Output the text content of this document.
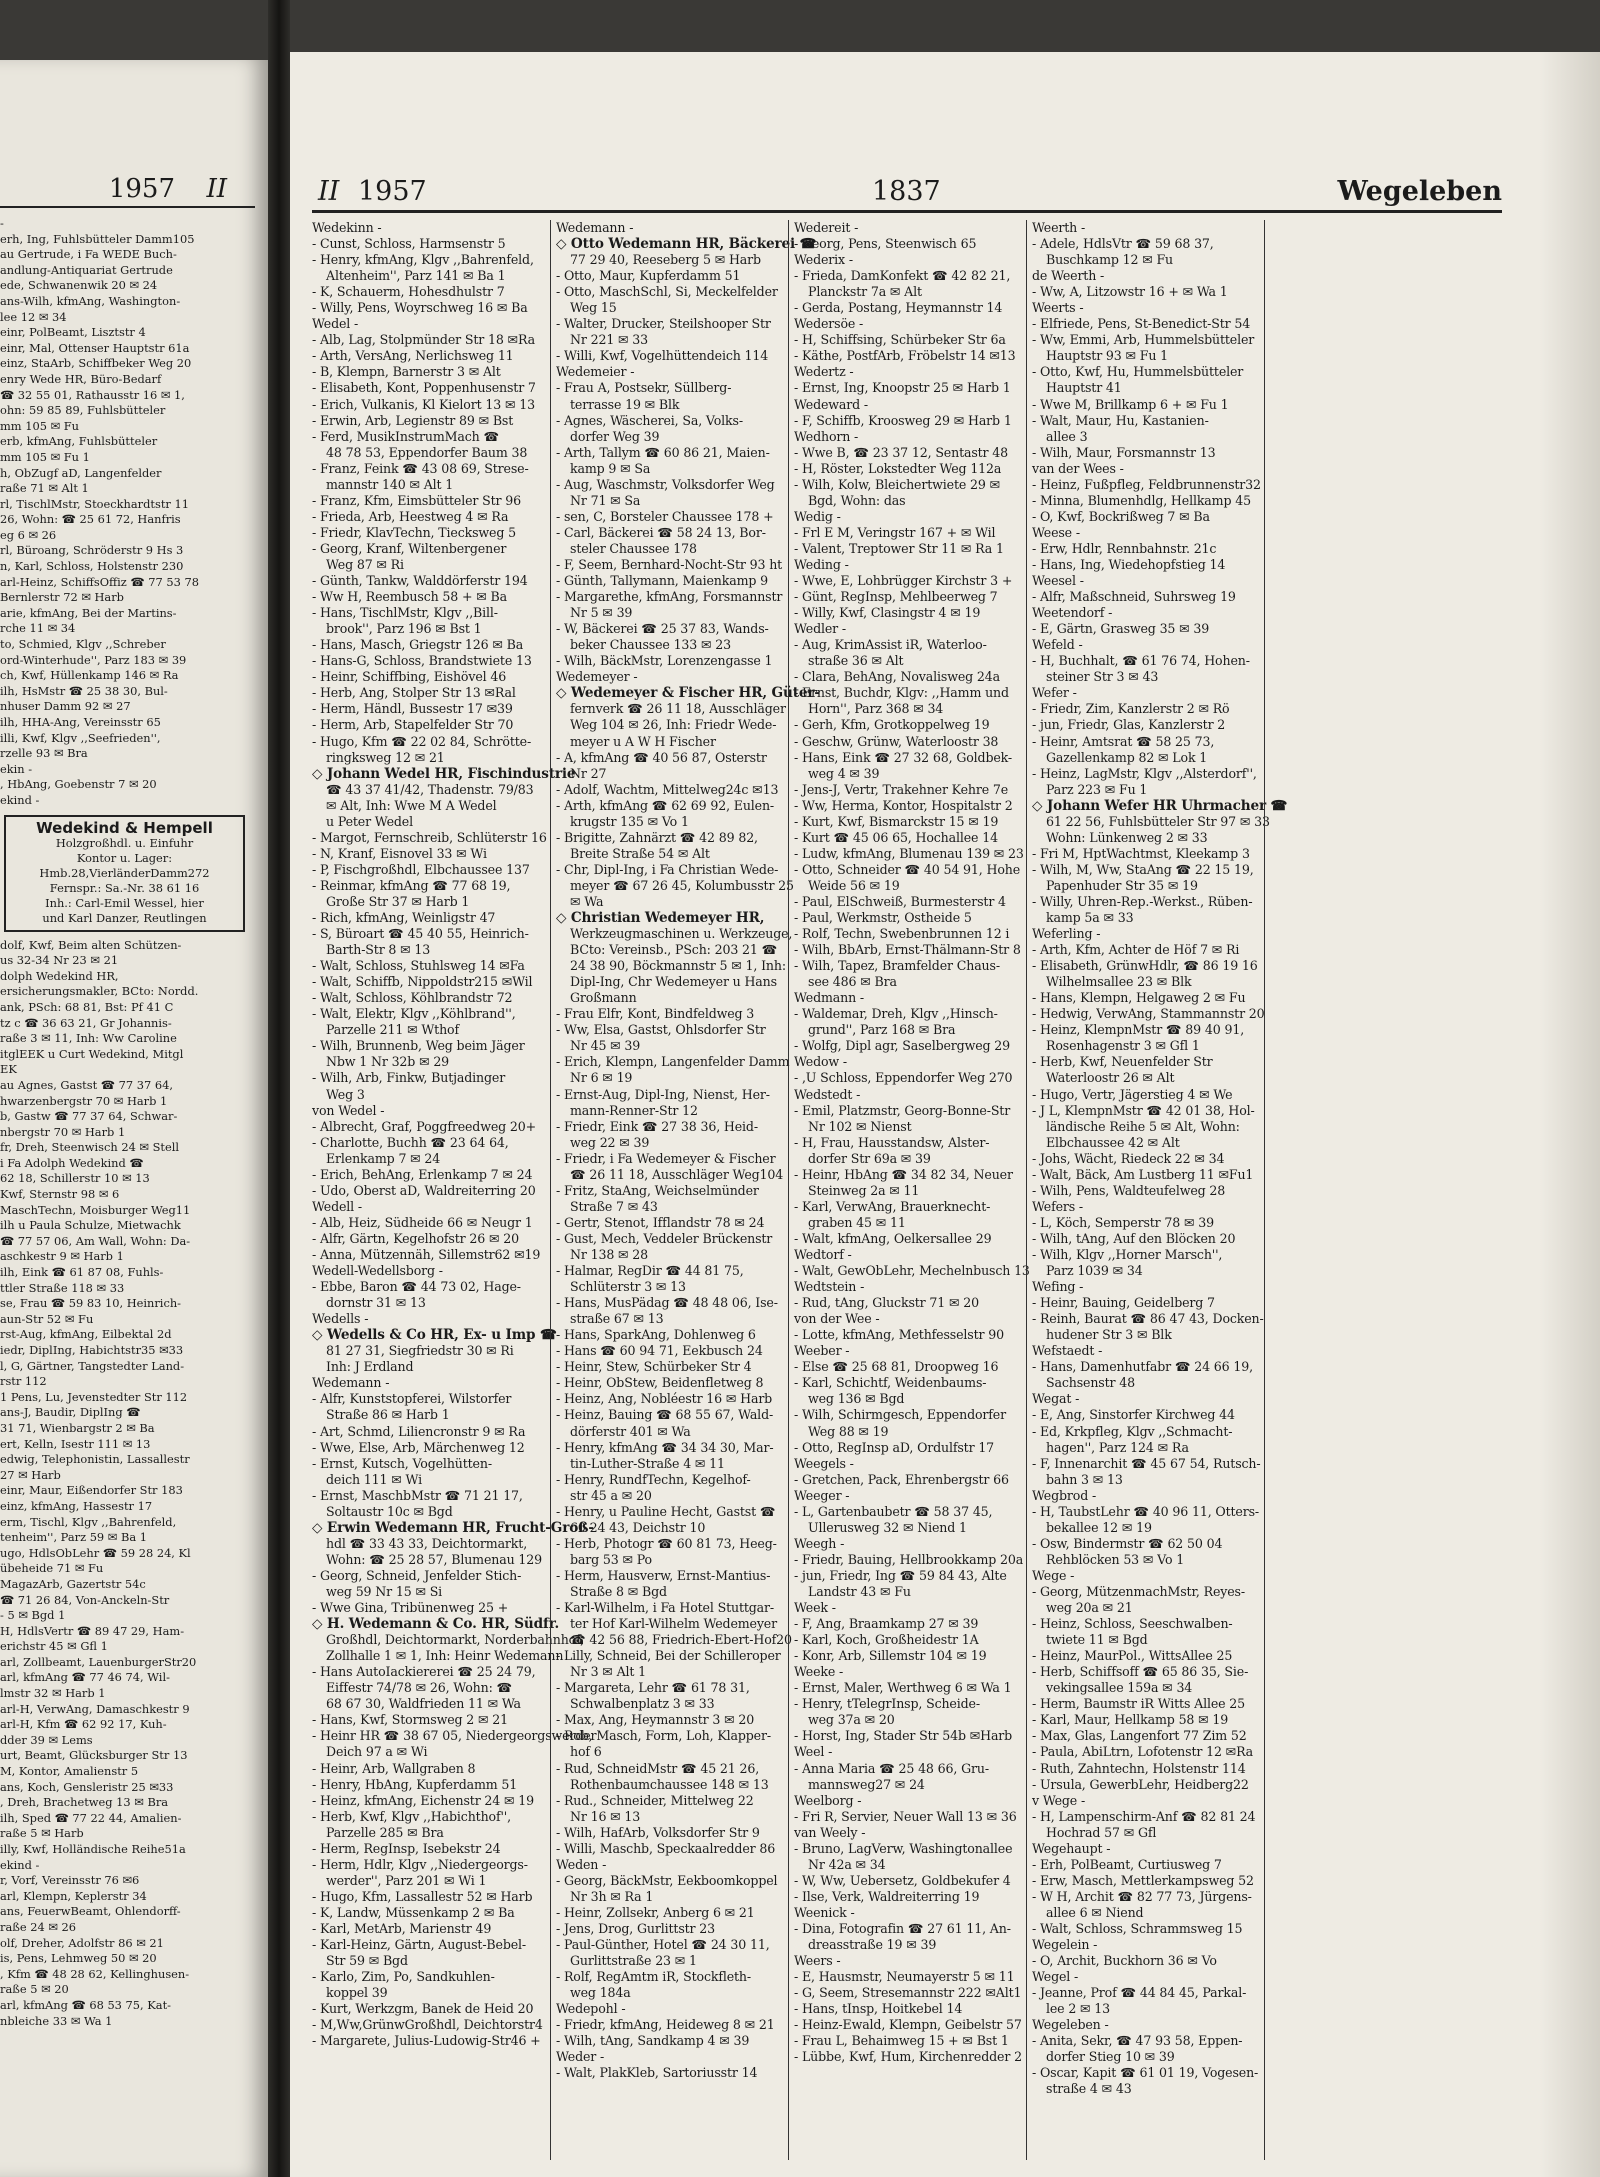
1957 II
-
erh, Ing, Fuhlsbütteler Damm105
au Gertrude, i Fa WEDE Buch-
andlung-Antiquariat Gertrude
ede, Schwanenwik 20 ✉ 24
ans-Wilh, kfmAng, Washington-
lee 12 ✉ 34
einr, PolBeamt, Lisztstr 4
einr, Mal, Ottenser Hauptstr 61a
einz, StaArb, Schiffbeker Weg 20
enry Wede HR, Büro-Bedarf
☎ 32 55 01, Rathausstr 16 ✉ 1,
ohn: 59 85 89, Fuhlsbütteler
mm 105 ✉ Fu
erb, kfmAng, Fuhlsbütteler
mm 105 ✉ Fu 1
h, ObZugf aD, Langenfelder
raße 71 ✉ Alt 1
rl, TischlMstr, Stoeckhardtstr 11
26, Wohn: ☎ 25 61 72, Hanfris
eg 6 ✉ 26
rl, Büroang, Schröderstr 9 Hs 3
n, Karl, Schloss, Holstenstr 230
arl-Heinz, SchiffsOffiz ☎ 77 53 78
Bernlerstr 72 ✉ Harb
arie, kfmAng, Bei der Martins-
rche 11 ✉ 34
to, Schmied, Klgv ,,Schreber
ord-Winterhude'', Parz 183 ✉ 39
ch, Kwf, Hüllenkamp 146 ✉ Ra
ilh, HsMstr ☎ 25 38 30, Bul-
nhuser Damm 92 ✉ 27
ilh, HHA-Ang, Vereinsstr 65
illi, Kwf, Klgv ,,Seefrieden'',
rzelle 93 ✉ Bra
ekin -
, HbAng, Goebenstr 7 ✉ 20
ekind -
Wedekind & Hempell
Holzgroßhdl. u. Einfuhr
Kontor u. Lager:
Hmb.28,VierländerDamm272
Fernspr.: Sa.-Nr. 38 61 16
Inh.: Carl-Emil Wessel, hier
und Karl Danzer, Reutlingen
dolf, Kwf, Beim alten Schützen-
us 32-34 Nr 23 ✉ 21
dolph Wedekind HR,
ersicherungsmakler, BCto: Nordd.
ank, PSch: 68 81, Bst: Pf 41 C
tz c ☎ 36 63 21, Gr Johannis-
raße 3 ✉ 11, Inh: Ww Caroline
itglEEK u Curt Wedekind, Mitgl
EK
au Agnes, Gastst ☎ 77 37 64,
hwarzenbergstr 70 ✉ Harb 1
b, Gastw ☎ 77 37 64, Schwar-
nbergstr 70 ✉ Harb 1
fr, Dreh, Steenwisch 24 ✉ Stell
i Fa Adolph Wedekind ☎
62 18, Schillerstr 10 ✉ 13
Kwf, Sternstr 98 ✉ 6
MaschTechn, Moisburger Weg11
ilh u Paula Schulze, Mietwachk
☎ 77 57 06, Am Wall, Wohn: Da-
aschkestr 9 ✉ Harb 1
ilh, Eink ☎ 61 87 08, Fuhls-
ttler Straße 118 ✉ 33
se, Frau ☎ 59 83 10, Heinrich-
aun-Str 52 ✉ Fu
rst-Aug, kfmAng, Eilbektal 2d
iedr, DiplIng, Habichtstr35 ✉33
l, G, Gärtner, Tangstedter Land-
rstr 112
1 Pens, Lu, Jevenstedter Str 112
ans-J, Baudir, DiplIng ☎
31 71, Wienbargstr 2 ✉ Ba
ert, Kelln, Isestr 111 ✉ 13
edwig, Telephonistin, Lassallestr
27 ✉ Harb
einr, Maur, Eißendorfer Str 183
einz, kfmAng, Hassestr 17
erm, Tischl, Klgv ,,Bahrenfeld,
tenheim'', Parz 59 ✉ Ba 1
ugo, HdlsObLehr ☎ 59 28 24, Kl
übeheide 71 ✉ Fu
MagazArb, Gazertstr 54c
☎ 71 26 84, Von-Anckeln-Str
- 5 ✉ Bgd 1
H, HdlsVertr ☎ 89 47 29, Ham-
erichstr 45 ✉ Gfl 1
arl, Zollbeamt, LauenburgerStr20
arl, kfmAng ☎ 77 46 74, Wil-
lmstr 32 ✉ Harb 1
arl-H, VerwAng, Damaschkestr 9
arl-H, Kfm ☎ 62 92 17, Kuh-
dder 39 ✉ Lems
urt, Beamt, Glücksburger Str 13
M, Kontor, Amalienstr 5
ans, Koch, Gensleristr 25 ✉33
, Dreh, Brachetweg 13 ✉ Bra
ilh, Sped ☎ 77 22 44, Amalien-
raße 5 ✉ Harb
illy, Kwf, Holländische Reihe51a
ekind -
r, Vorf, Vereinsstr 76 ✉6
arl, Klempn, Keplerstr 34
ans, FeuerwBeamt, Ohlendorff-
raße 24 ✉ 26
olf, Dreher, Adolfstr 86 ✉ 21
is, Pens, Lehmweg 50 ✉ 20
, Kfm ☎ 48 28 62, Kellinghusen-
raße 5 ✉ 20
arl, kfmAng ☎ 68 53 75, Kat-
nbleiche 33 ✉ Wa 1
II 1957	1837	Wegeleben
Wedekinn -
- Cunst, Schloss, Harmsenstr 5
- Henry, kfmAng, Klgv ,,Bahrenfeld,
Altenheim'', Parz 141 ✉ Ba 1
- K, Schauerm, Hohesdhulstr 7
- Willy, Pens, Woyrschweg 16 ✉ Ba
Wedel -
- Alb, Lag, Stolpmünder Str 18 ✉Ra
- Arth, VersAng, Nerlichsweg 11
- B, Klempn, Barnerstr 3 ✉ Alt
- Elisabeth, Kont, Poppenhusenstr 7
- Erich, Vulkanis, Kl Kielort 13 ✉ 13
- Erwin, Arb, Legienstr 89 ✉ Bst
- Ferd, MusikInstrumMach ☎
48 78 53, Eppendorfer Baum 38
- Franz, Feink ☎ 43 08 69, Strese-
mannstr 140 ✉ Alt 1
- Franz, Kfm, Eimsbütteler Str 96
- Frieda, Arb, Heestweg 4 ✉ Ra
- Friedr, KlavTechn, Tiecksweg 5
- Georg, Kranf, Wiltenbergener
Weg 87 ✉ Ri
- Günth, Tankw, Walddörferstr 194
- Ww H, Reembusch 58 + ✉ Ba
- Hans, TischlMstr, Klgv ,,Bill-
brook'', Parz 196 ✉ Bst 1
- Hans, Masch, Griegstr 126 ✉ Ba
- Hans-G, Schloss, Brandstwiete 13
- Heinr, Schiffbing, Eishövel 46
- Herb, Ang, Stolper Str 13 ✉Ral
- Herm, Händl, Bussestr 17 ✉39
- Herm, Arb, Stapelfelder Str 70
- Hugo, Kfm ☎ 22 02 84, Schrötte-
ringksweg 12 ✉ 21
◇ Johann Wedel HR, Fischindustrie
☎ 43 37 41/42, Thadenstr. 79/83
✉ Alt, Inh: Wwe M A Wedel
u Peter Wedel
- Margot, Fernschreib, Schlüterstr 16
- N, Kranf, Eisnovel 33 ✉ Wi
- P, Fischgroßhdl, Elbchaussee 137
- Reinmar, kfmAng ☎ 77 68 19,
Große Str 37 ✉ Harb 1
- Rich, kfmAng, Weinligstr 47
- S, Büroart ☎ 45 40 55, Heinrich-
Barth-Str 8 ✉ 13
- Walt, Schloss, Stuhlsweg 14 ✉Fa
- Walt, Schiffb, Nippoldstr215 ✉Wil
- Walt, Schloss, Köhlbrandstr 72
- Walt, Elektr, Klgv ,,Köhlbrand'',
Parzelle 211 ✉ Wthof
- Wilh, Brunnenb, Weg beim Jäger
Nbw 1 Nr 32b ✉ 29
- Wilh, Arb, Finkw, Butjadinger
Weg 3
von Wedel -
- Albrecht, Graf, Poggfreedweg 20+
- Charlotte, Buchh ☎ 23 64 64,
Erlenkamp 7 ✉ 24
- Erich, BehAng, Erlenkamp 7 ✉ 24
- Udo, Oberst aD, Waldreiterring 20
Wedell -
- Alb, Heiz, Südheide 66 ✉ Neugr 1
- Alfr, Gärtn, Kegelhofstr 26 ✉ 20
- Anna, Mützennäh, Sillemstr62 ✉19
Wedell-Wedellsborg -
- Ebbe, Baron ☎ 44 73 02, Hage-
dornstr 31 ✉ 13
Wedells -
◇ Wedells & Co HR, Ex- u Imp ☎
81 27 31, Siegfriedstr 30 ✉ Ri
Inh: J Erdland
Wedemann -
- Alfr, Kunststopferei, Wilstorfer
Straße 86 ✉ Harb 1
- Art, Schmd, Liliencronstr 9 ✉ Ra
- Wwe, Else, Arb, Märchenweg 12
- Ernst, Kutsch, Vogelhütten-
deich 111 ✉ Wi
- Ernst, MaschbMstr ☎ 71 21 17,
Soltaustr 10c ✉ Bgd
◇ Erwin Wedemann HR, Frucht-Groß-
hdl ☎ 33 43 33, Deichtormarkt,
Wohn: ☎ 25 28 57, Blumenau 129
- Georg, Schneid, Jenfelder Stich-
weg 59 Nr 15 ✉ Si
- Wwe Gina, Tribünenweg 25 +
◇ H. Wedemann & Co. HR, Südfr.
Großhdl, Deichtormarkt, Norderbahnhof,
Zollhalle 1 ✉ 1, Inh: Heinr Wedemann
- Hans AutoIackiererei ☎ 25 24 79,
Eiffestr 74/78 ✉ 26, Wohn: ☎
68 67 30, Waldfrieden 11 ✉ Wa
- Hans, Kwf, Stormsweg 2 ✉ 21
- Heinr HR ☎ 38 67 05, Niedergeorgswerder
Deich 97 a ✉ Wi
- Heinr, Arb, Wallgraben 8
- Henry, HbAng, Kupferdamm 51
- Heinz, kfmAng, Eichenstr 24 ✉ 19
- Herb, Kwf, Klgv ,,Habichthof'',
Parzelle 285 ✉ Bra
- Herm, RegInsp, Isebekstr 24
- Herm, Hdlr, Klgv ,,Niedergeorgs-
werder'', Parz 201 ✉ Wi 1
- Hugo, Kfm, Lassallestr 52 ✉ Harb
- K, Landw, Müssenkamp 2 ✉ Ba
- Karl, MetArb, Marienstr 49
- Karl-Heinz, Gärtn, August-Bebel-
Str 59 ✉ Bgd
- Karlo, Zim, Po, Sandkuhlen-
koppel 39
- Kurt, Werkzgm, Banek de Heid 20
- M,Ww,GrünwGroßhdl, Deichtorstr4
- Margarete, Julius-Ludowig-Str46 +
Wedemann -
◇ Otto Wedemann HR, Bäckerei ☎
77 29 40, Reeseberg 5 ✉ Harb
- Otto, Maur, Kupferdamm 51
- Otto, MaschSchl, Si, Meckelfelder
Weg 15
- Walter, Drucker, Steilshooper Str
Nr 221 ✉ 33
- Willi, Kwf, Vogelhüttendeich 114
Wedemeier -
- Frau A, Postsekr, Süllberg-
terrasse 19 ✉ Blk
- Agnes, Wäscherei, Sa, Volks-
dorfer Weg 39
- Arth, Tallym ☎ 60 86 21, Maien-
kamp 9 ✉ Sa
- Aug, Waschmstr, Volksdorfer Weg
Nr 71 ✉ Sa
- sen, C, Borsteler Chaussee 178 +
- Carl, Bäckerei ☎ 58 24 13, Bor-
steler Chaussee 178
- F, Seem, Bernhard-Nocht-Str 93 ht
- Günth, Tallymann, Maienkamp 9
- Margarethe, kfmAng, Forsmannstr
Nr 5 ✉ 39
- W, Bäckerei ☎ 25 37 83, Wands-
beker Chaussee 133 ✉ 23
- Wilh, BäckMstr, Lorenzengasse 1
Wedemeyer -
◇ Wedemeyer & Fischer HR, Güter-
fernverk ☎ 26 11 18, Ausschläger
Weg 104 ✉ 26, Inh: Friedr Wede-
meyer u A W H Fischer
- A, kfmAng ☎ 40 56 87, Osterstr
Nr 27
- Adolf, Wachtm, Mittelweg24c ✉13
- Arth, kfmAng ☎ 62 69 92, Eulen-
krugstr 135 ✉ Vo 1
- Brigitte, Zahnärzt ☎ 42 89 82,
Breite Straße 54 ✉ Alt
- Chr, Dipl-Ing, i Fa Christian Wede-
meyer ☎ 67 26 45, Kolumbusstr 25
✉ Wa
◇ Christian Wedemeyer HR,
Werkzeugmaschinen u. Werkzeuge,
BCto: Vereinsb., PSch: 203 21 ☎
24 38 90, Böckmannstr 5 ✉ 1, Inh:
Dipl-Ing, Chr Wedemeyer u Hans
Großmann
- Frau Elfr, Kont, Bindfeldweg 3
- Ww, Elsa, Gastst, Ohlsdorfer Str
Nr 45 ✉ 39
- Erich, Klempn, Langenfelder Damm
Nr 6 ✉ 19
- Ernst-Aug, Dipl-Ing, Nienst, Her-
mann-Renner-Str 12
- Friedr, Eink ☎ 27 38 36, Heid-
weg 22 ✉ 39
- Friedr, i Fa Wedemeyer & Fischer
☎ 26 11 18, Ausschläger Weg104
- Fritz, StaAng, Weichselmünder
Straße 7 ✉ 43
- Gertr, Stenot, Ifflandstr 78 ✉ 24
- Gust, Mech, Veddeler Brückenstr
Nr 138 ✉ 28
- Halmar, RegDir ☎ 44 81 75,
Schlüterstr 3 ✉ 13
- Hans, MusPädag ☎ 48 48 06, Ise-
straße 67 ✉ 13
- Hans, SparkAng, Dohlenweg 6
- Hans ☎ 60 94 71, Eekbusch 24
- Heinr, Stew, Schürbeker Str 4
- Heinr, ObStew, Beidenfletweg 8
- Heinz, Ang, Nobléestr 16 ✉ Harb
- Heinz, Bauing ☎ 68 55 67, Wald-
dörferstr 401 ✉ Wa
- Henry, kfmAng ☎ 34 34 30, Mar-
tin-Luther-Straße 4 ✉ 11
- Henry, RundfTechn, Kegelhof-
str 45 a ✉ 20
- Henry, u Pauline Hecht, Gastst ☎
60 24 43, Deichstr 10
- Herb, Photogr ☎ 60 81 73, Heeg-
barg 53 ✉ Po
- Herm, Hausverw, Ernst-Mantius-
Straße 8 ✉ Bgd
- Karl-Wilhelm, i Fa Hotel Stuttgar-
ter Hof Karl-Wilhelm Wedemeyer
☎ 42 56 88, Friedrich-Ebert-Hof20
- Lilly, Schneid, Bei der Schilleroper
Nr 3 ✉ Alt 1
- Margareta, Lehr ☎ 61 78 31,
Schwalbenplatz 3 ✉ 33
- Max, Ang, Heymannstr 3 ✉ 20
- Rob, Masch, Form, Loh, Klapper-
hof 6
- Rud, SchneidMstr ☎ 45 21 26,
Rothenbaumchaussee 148 ✉ 13
- Rud., Schneider, Mittelweg 22
Nr 16 ✉ 13
- Wilh, HafArb, Volksdorfer Str 9
- Willi, Maschb, Speckaalredder 86
Weden -
- Georg, BäckMstr, Eekboomkoppel
Nr 3h ✉ Ra 1
- Heinr, Zollsekr, Anberg 6 ✉ 21
- Jens, Drog, Gurlittstr 23
- Paul-Günther, Hotel ☎ 24 30 11,
Gurlittstraße 23 ✉ 1
- Rolf, RegAmtm iR, Stockfleth-
weg 184a
Wedepohl -
- Friedr, kfmAng, Heideweg 8 ✉ 21
- Wilh, tAng, Sandkamp 4 ✉ 39
Weder -
- Walt, PlakKleb, Sartoriusstr 14
Wedereit -
- Georg, Pens, Steenwisch 65
Wederix -
- Frieda, DamKonfekt ☎ 42 82 21,
Planckstr 7a ✉ Alt
- Gerda, Postang, Heymannstr 14
Wedersöe -
- H, Schiffsing, Schürbeker Str 6a
- Käthe, PostfArb, Fröbelstr 14 ✉13
Wedertz -
- Ernst, Ing, Knoopstr 25 ✉ Harb 1
Wedeward -
- F, Schiffb, Kroosweg 29 ✉ Harb 1
Wedhorn -
- Wwe B, ☎ 23 37 12, Sentastr 48
- H, Röster, Lokstedter Weg 112a
- Wilh, Kolw, Bleichertwiete 29 ✉
Bgd, Wohn: das
Wedig -
- Frl E M, Veringstr 167 + ✉ Wil
- Valent, Treptower Str 11 ✉ Ra 1
Weding -
- Wwe, E, Lohbrügger Kirchstr 3 +
- Günt, RegInsp, Mehlbeerweg 7
- Willy, Kwf, Clasingstr 4 ✉ 19
Wedler -
- Aug, KrimAssist iR, Waterloo-
straße 36 ✉ Alt
- Clara, BehAng, Novalisweg 24a
- Ernst, Buchdr, Klgv: ,,Hamm und
Horn'', Parz 368 ✉ 34
- Gerh, Kfm, Grotkoppelweg 19
- Geschw, Grünw, Waterloostr 38
- Hans, Eink ☎ 27 32 68, Goldbek-
weg 4 ✉ 39
- Jens-J, Vertr, Trakehner Kehre 7e
- Ww, Herma, Kontor, Hospitalstr 2
- Kurt, Kwf, Bismarckstr 15 ✉ 19
- Kurt ☎ 45 06 65, Hochallee 14
- Ludw, kfmAng, Blumenau 139 ✉ 23
- Otto, Schneider ☎ 40 54 91, Hohe
Weide 56 ✉ 19
- Paul, ElSchweiß, Burmesterstr 4
- Paul, Werkmstr, Ostheide 5
- Rolf, Techn, Swebenbrunnen 12 i
- Wilh, BbArb, Ernst-Thälmann-Str 8
- Wilh, Tapez, Bramfelder Chaus-
see 486 ✉ Bra
Wedmann -
- Waldemar, Dreh, Klgv ,,Hinsch-
grund'', Parz 168 ✉ Bra
- Wolfg, Dipl agr, Saselbergweg 29
Wedow -
- ,U Schloss, Eppendorfer Weg 270
Wedstedt -
- Emil, Platzmstr, Georg-Bonne-Str
Nr 102 ✉ Nienst
- H, Frau, Hausstandsw, Alster-
dorfer Str 69a ✉ 39
- Heinr, HbAng ☎ 34 82 34, Neuer
Steinweg 2a ✉ 11
- Karl, VerwAng, Brauerknecht-
graben 45 ✉ 11
- Walt, kfmAng, Oelkersallee 29
Wedtorf -
- Walt, GewObLehr, Mechelnbusch 13
Wedtstein -
- Rud, tAng, Gluckstr 71 ✉ 20
von der Wee -
- Lotte, kfmAng, Methfesselstr 90
Weeber -
- Else ☎ 25 68 81, Droopweg 16
- Karl, Schichtf, Weidenbaums-
weg 136 ✉ Bgd
- Wilh, Schirmgesch, Eppendorfer
Weg 88 ✉ 19
- Otto, RegInsp aD, Ordulfstr 17
Weegels -
- Gretchen, Pack, Ehrenbergstr 66
Weeger -
- L, Gartenbaubetr ☎ 58 37 45,
Ullerusweg 32 ✉ Niend 1
Weegh -
- Friedr, Bauing, Hellbrookkamp 20a
- jun, Friedr, Ing ☎ 59 84 43, Alte
Landstr 43 ✉ Fu
Week -
- F, Ang, Braamkamp 27 ✉ 39
- Karl, Koch, Großheidestr 1A
- Konr, Arb, Sillemstr 104 ✉ 19
Weeke -
- Ernst, Maler, Werthweg 6 ✉ Wa 1
- Henry, tTelegrInsp, Scheide-
weg 37a ✉ 20
- Horst, Ing, Stader Str 54b ✉Harb
Weel -
- Anna Maria ☎ 25 48 66, Gru-
mannsweg27 ✉ 24
Weelborg -
- Fri R, Servier, Neuer Wall 13 ✉ 36
van Weely -
- Bruno, LagVerw, Washingtonallee
Nr 42a ✉ 34
- W, Ww, Uebersetz, Goldbekufer 4
- Ilse, Verk, Waldreiterring 19
Weenick -
- Dina, Fotografin ☎ 27 61 11, An-
dreasstraße 19 ✉ 39
Weers -
- E, Hausmstr, Neumayerstr 5 ✉ 11
- G, Seem, Stresemannstr 222 ✉Alt1
- Hans, tInsp, Hoitkebel 14
- Heinz-Ewald, Klempn, Geibelstr 57
- Frau L, Behaimweg 15 + ✉ Bst 1
- Lübbe, Kwf, Hum, Kirchenredder 2
Weerth -
- Adele, HdlsVtr ☎ 59 68 37,
Buschkamp 12 ✉ Fu
de Weerth -
- Ww, A, Litzowstr 16 + ✉ Wa 1
Weerts -
- Elfriede, Pens, St-Benedict-Str 54
- Ww, Emmi, Arb, Hummelsbütteler
Hauptstr 93 ✉ Fu 1
- Otto, Kwf, Hu, Hummelsbütteler
Hauptstr 41
- Wwe M, Brillkamp 6 + ✉ Fu 1
- Walt, Maur, Hu, Kastanien-
allee 3
- Wilh, Maur, Forsmannstr 13
van der Wees -
- Heinz, Fußpfleg, Feldbrunnenstr32
- Minna, Blumenhdlg, Hellkamp 45
- O, Kwf, Bockrißweg 7 ✉ Ba
Weese -
- Erw, Hdlr, Rennbahnstr. 21c
- Hans, Ing, Wiedehopfstieg 14
Weesel -
- Alfr, Maßschneid, Suhrsweg 19
Weetendorf -
- E, Gärtn, Grasweg 35 ✉ 39
Wefeld -
- H, Buchhalt, ☎ 61 76 74, Hohen-
steiner Str 3 ✉ 43
Wefer -
- Friedr, Zim, Kanzlerstr 2 ✉ Rö
- jun, Friedr, Glas, Kanzlerstr 2
- Heinr, Amtsrat ☎ 58 25 73,
Gazellenkamp 82 ✉ Lok 1
- Heinz, LagMstr, Klgv ,,Alsterdorf'',
Parz 223 ✉ Fu 1
◇ Johann Wefer HR Uhrmacher ☎
61 22 56, Fuhlsbütteler Str 97 ✉ 33
Wohn: Lünkenweg 2 ✉ 33
- Fri M, HptWachtmst, Kleekamp 3
- Wilh, M, Ww, StaAng ☎ 22 15 19,
Papenhuder Str 35 ✉ 19
- Willy, Uhren-Rep.-Werkst., Rüben-
kamp 5a ✉ 33
Weferling -
- Arth, Kfm, Achter de Höf 7 ✉ Ri
- Elisabeth, GrünwHdlr, ☎ 86 19 16
Wilhelmsallee 23 ✉ Blk
- Hans, Klempn, Helgaweg 2 ✉ Fu
- Hedwig, VerwAng, Stammannstr 20
- Heinz, KlempnMstr ☎ 89 40 91,
Rosenhagenstr 3 ✉ Gfl 1
- Herb, Kwf, Neuenfelder Str
Waterloostr 26 ✉ Alt
- Hugo, Vertr, Jägerstieg 4 ✉ We
- J L, KlempnMstr ☎ 42 01 38, Hol-
ländische Reihe 5 ✉ Alt, Wohn:
Elbchaussee 42 ✉ Alt
- Johs, Wächt, Riedeck 22 ✉ 34
- Walt, Bäck, Am Lustberg 11 ✉Fu1
- Wilh, Pens, Waldteufelweg 28
Wefers -
- L, Köch, Semperstr 78 ✉ 39
- Wilh, tAng, Auf den Blöcken 20
- Wilh, Klgv ,,Horner Marsch'',
Parz 1039 ✉ 34
Wefing -
- Heinr, Bauing, Geidelberg 7
- Reinh, Baurat ☎ 86 47 43, Docken-
hudener Str 3 ✉ Blk
Wefstaedt -
- Hans, Damenhutfabr ☎ 24 66 19,
Sachsenstr 48
Wegat -
- E, Ang, Sinstorfer Kirchweg 44
- Ed, Krkpfleg, Klgv ,,Schmacht-
hagen'', Parz 124 ✉ Ra
- F, Innenarchit ☎ 45 67 54, Rutsch-
bahn 3 ✉ 13
Wegbrod -
- H, TaubstLehr ☎ 40 96 11, Otters-
bekallee 12 ✉ 19
- Osw, Bindermstr ☎ 62 50 04
Rehblöcken 53 ✉ Vo 1
Wege -
- Georg, MützenmachMstr, Reyes-
weg 20a ✉ 21
- Heinz, Schloss, Seeschwalben-
twiete 11 ✉ Bgd
- Heinz, MaurPol., WittsAllee 25
- Herb, Schiffsoff ☎ 65 86 35, Sie-
vekingsallee 159a ✉ 34
- Herm, Baumstr iR Witts Allee 25
- Karl, Maur, Hellkamp 58 ✉ 19
- Max, Glas, Langenfort 77 Zim 52
- Paula, AbiLtrn, Lofotenstr 12 ✉Ra
- Ruth, Zahntechn, Holstenstr 114
- Ursula, GewerbLehr, Heidberg22
v Wege -
- H, Lampenschirm-Anf ☎ 82 81 24
Hochrad 57 ✉ Gfl
Wegehaupt -
- Erh, PolBeamt, Curtiusweg 7
- Erw, Masch, Mettlerkampsweg 52
- W H, Archit ☎ 82 77 73, Jürgens-
allee 6 ✉ Niend
- Walt, Schloss, Schrammsweg 15
Wegelein -
- O, Archit, Buckhorn 36 ✉ Vo
Wegel -
- Jeanne, Prof ☎ 44 84 45, Parkal-
lee 2 ✉ 13
Wegeleben -
- Anita, Sekr, ☎ 47 93 58, Eppen-
dorfer Stieg 10 ✉ 39
- Oscar, Kapit ☎ 61 01 19, Vogesen-
straße 4 ✉ 43
